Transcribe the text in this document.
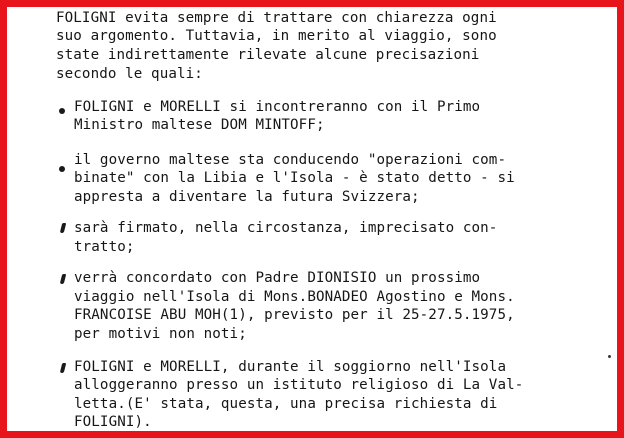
FOLIGNI evita sempre di trattare con chiarezza ogni
suo argomento. Tuttavia, in merito al viaggio, sono
state indirettamente rilevate alcune precisazioni
secondo le quali:
FOLIGNI e MORELLI si incontreranno con il Primo
Ministro maltese DOM MINTOFF;
il governo maltese sta conducendo "operazioni com-
binate" con la Libia e l'Isola - è stato detto - si
appresta a diventare la futura Svizzera;
sarà firmato, nella circostanza, imprecisato con-
tratto;
verrà concordato con Padre DIONISIO un prossimo
viaggio nell'Isola di Mons.BONADEO Agostino e Mons.
FRANCOISE ABU MOH(1), previsto per il 25-27.5.1975,
per motivi non noti;
FOLIGNI e MORELLI, durante il soggiorno nell'Isola
alloggeranno presso un istituto religioso di La Val-
letta.(E' stata, questa, una precisa richiesta di
FOLIGNI).
